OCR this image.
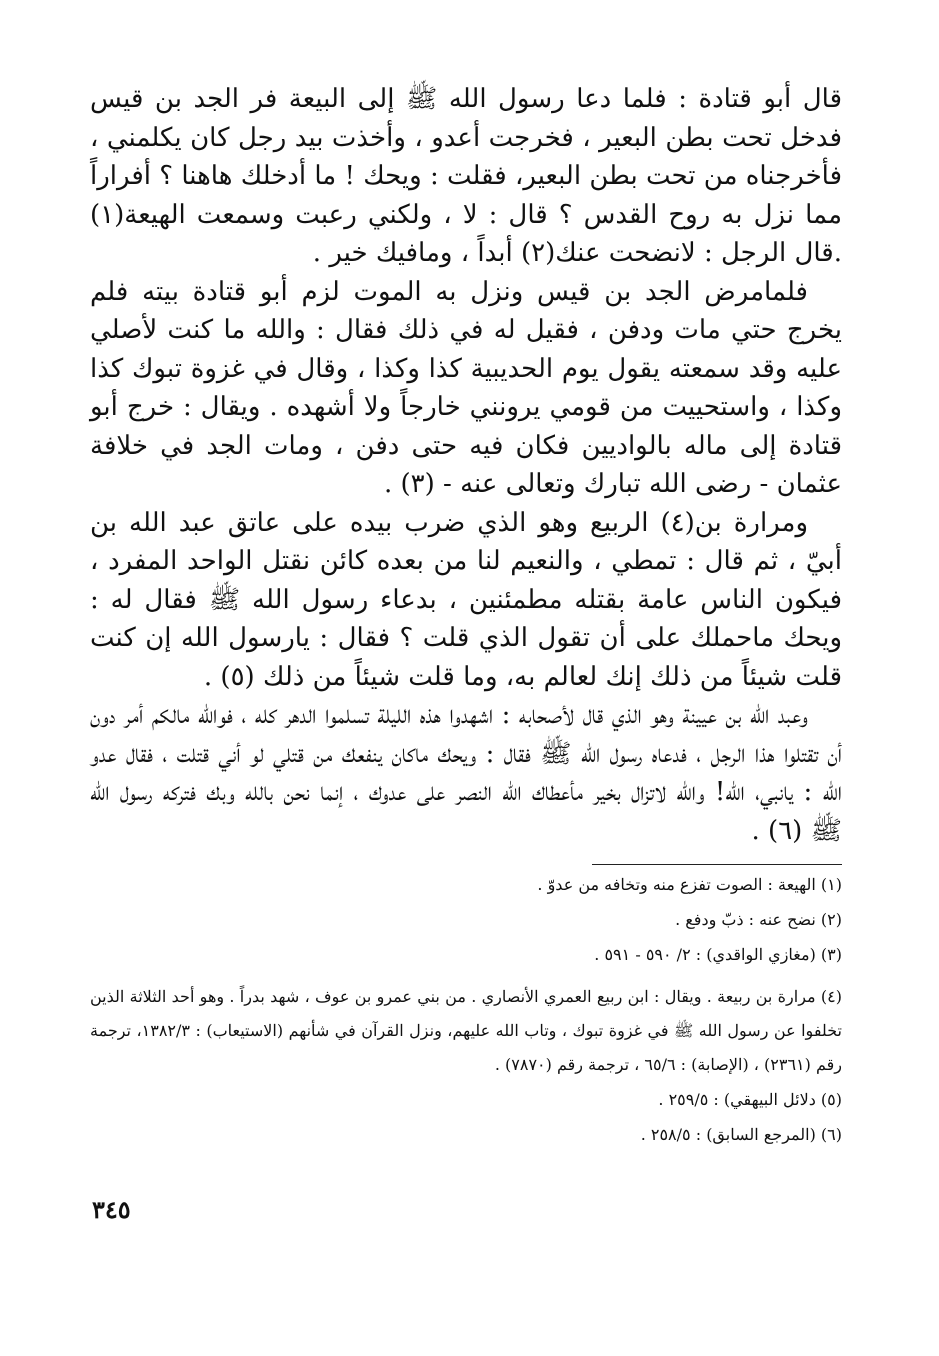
قال أبو قتادة : فلما دعا رسول الله ﷺ إلى البيعة فر الجد بن قيس فدخل تحت بطن البعير ، فخرجت أعدو ، وأخذت بيد رجل كان يكلمني ، فأخرجناه من تحت بطن البعير، فقلت : ويحك ! ما أدخلك هاهنا ؟ أفراراً مما نزل به روح القدس ؟ قال : لا ، ولكني رعبت وسمعت الهيعة(١) .قال الرجل : لانضحت عنك(٢) أبداً ، ومافيك خير .

فلمامرض الجد بن قيس ونزل به الموت لزم أبو قتادة بيته فلم يخرج حتي مات ودفن ، فقيل له في ذلك فقال : والله ما كنت لأصلي عليه وقد سمعته يقول يوم الحديبية كذا وكذا ، وقال في غزوة تبوك كذا وكذا ، واستحييت من قومي يرونني خارجاً ولا أشهده . ويقال : خرج أبو قتادة إلى ماله بالواديين فكان فيه حتى دفن ، ومات الجد في خلافة عثمان - رضى الله تبارك وتعالى عنه - (٣) .

ومرارة بن(٤) الربيع وهو الذي ضرب بيده على عاتق عبد الله بن أبيّ ، ثم قال : تمطي ، والنعيم لنا من بعده كائن نقتل الواحد المفرد ، فيكون الناس عامة بقتله مطمئنين ، بدعاء رسول الله ﷺ فقال له : ويحك ماحملك على أن تقول الذي قلت ؟ فقال : يارسول الله إن كنت قلت شيئاً من ذلك إنك لعالم به، وما قلت شيئاً من ذلك (٥) .

وعبد الله بن عيينة وهو الذي قال لأصحابه : اشهدوا هذه الليلة تسلموا الدهر كله ، فوالله مالكم أمر دون أن تقتلوا هذا الرجل ، فدعاه رسول الله ﷺ فقال : ويحك ماكان ينفعك من قتلي لو أني قتلت ، فقال عدو الله : يانبي، الله! والله لاتزال بخير مأعطاك الله النصر على عدوك ، إنما نحن بالله وبك فتركه رسول الله ﷺ (٦) .

(١) الهيعة : الصوت تفزع منه وتخافه من عدوّ .

(٢) نضح عنه : ذبّ ودفع .

(٣) (مغازي الواقدي) : ٢/ ٥٩٠ - ٥٩١ .

(٤) مرارة بن ربيعة . ويقال : ابن ربيع العمري الأنصاري . من بني عمرو بن عوف ، شهد بدراً . وهو أحد الثلاثة الذين تخلفوا عن رسول الله ﷺ في غزوة تبوك ، وتاب الله عليهم، ونزل القرآن في شأنهم (الاستيعاب) : ١٣٨٢/٣، ترجمة رقم (٢٣٦١) ، (الإصابة) : ٦٥/٦ ، ترجمة رقم (٧٨٧٠) .

(٥) دلائل البيهقي) : ٢٥٩/٥ .

(٦) (المرجع السابق) : ٢٥٨/٥ .

٣٤٥
